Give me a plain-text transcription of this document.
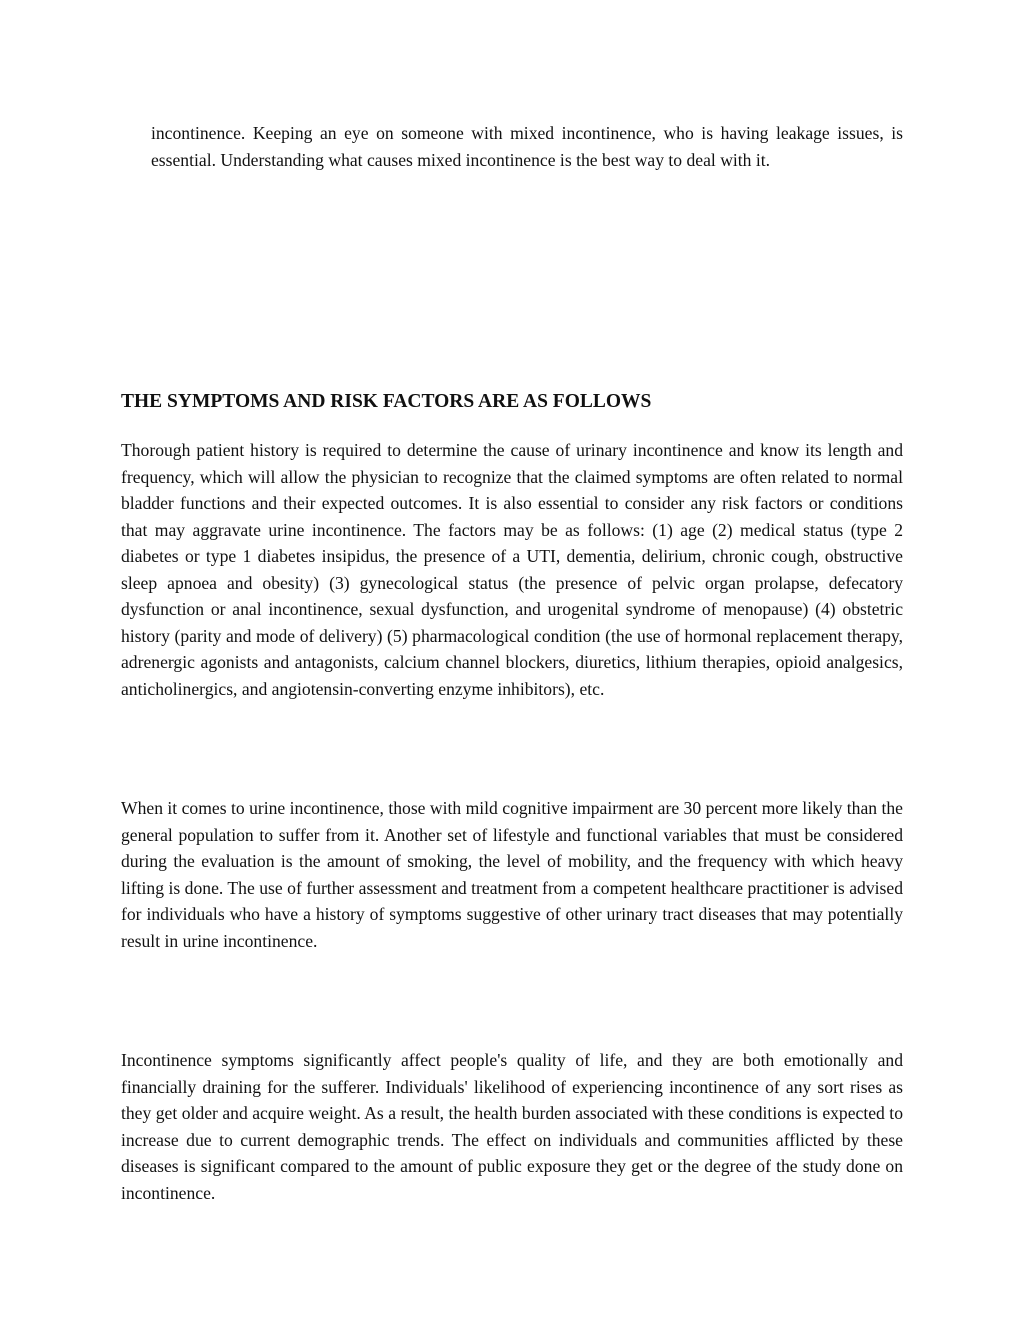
incontinence. Keeping an eye on someone with mixed incontinence, who is having leakage issues, is essential. Understanding what causes mixed incontinence is the best way to deal with it.

THE SYMPTOMS AND RISK FACTORS ARE AS FOLLOWS

Thorough patient history is required to determine the cause of urinary incontinence and know its length and frequency, which will allow the physician to recognize that the claimed symptoms are often related to normal bladder functions and their expected outcomes. It is also essential to consider any risk factors or conditions that may aggravate urine incontinence. The factors may be as follows: (1) age (2) medical status (type 2 diabetes or type 1 diabetes insipidus, the presence of a UTI, dementia, delirium, chronic cough, obstructive sleep apnoea and obesity) (3) gynecological status (the presence of pelvic organ prolapse, defecatory dysfunction or anal incontinence, sexual dysfunction, and urogenital syndrome of menopause) (4) obstetric history (parity and mode of delivery) (5) pharmacological condition (the use of hormonal replacement therapy, adrenergic agonists and antagonists, calcium channel blockers, diuretics, lithium therapies, opioid analgesics, anticholinergics, and angiotensin-converting enzyme inhibitors), etc.

When it comes to urine incontinence, those with mild cognitive impairment are 30 percent more likely than the general population to suffer from it. Another set of lifestyle and functional variables that must be considered during the evaluation is the amount of smoking, the level of mobility, and the frequency with which heavy lifting is done. The use of further assessment and treatment from a competent healthcare practitioner is advised for individuals who have a history of symptoms suggestive of other urinary tract diseases that may potentially result in urine incontinence.

Incontinence symptoms significantly affect people's quality of life, and they are both emotionally and financially draining for the sufferer. Individuals' likelihood of experiencing incontinence of any sort rises as they get older and acquire weight. As a result, the health burden associated with these conditions is expected to increase due to current demographic trends. The effect on individuals and communities afflicted by these diseases is significant compared to the amount of public exposure they get or the degree of the study done on incontinence.
